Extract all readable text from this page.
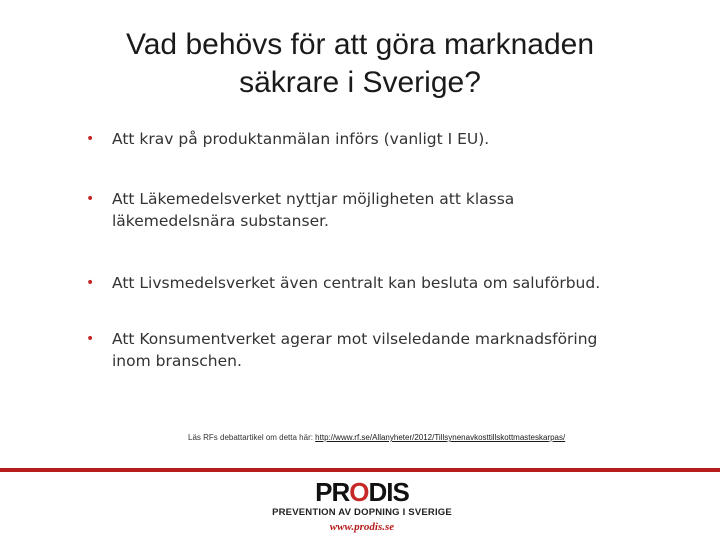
Vad behövs för att göra marknaden
säkrare i Sverige?
• Att krav på produktanmälan införs (vanligt I EU).
• Att Läkemedelsverket nyttjar möjligheten att klassa
läkemedelsnära substanser.
• Att Livsmedelsverket även centralt kan besluta om saluförbud.
• Att Konsumentverket agerar mot vilseledande marknadsföring
inom branschen.
Läs RFs debattartikel om detta här: http://www.rf.se/Allanyheter/2012/Tillsynenavkosttillskottmasteskarpas/
PRODIS
PREVENTION AV DOPNING I SVERIGE
www.prodis.se
